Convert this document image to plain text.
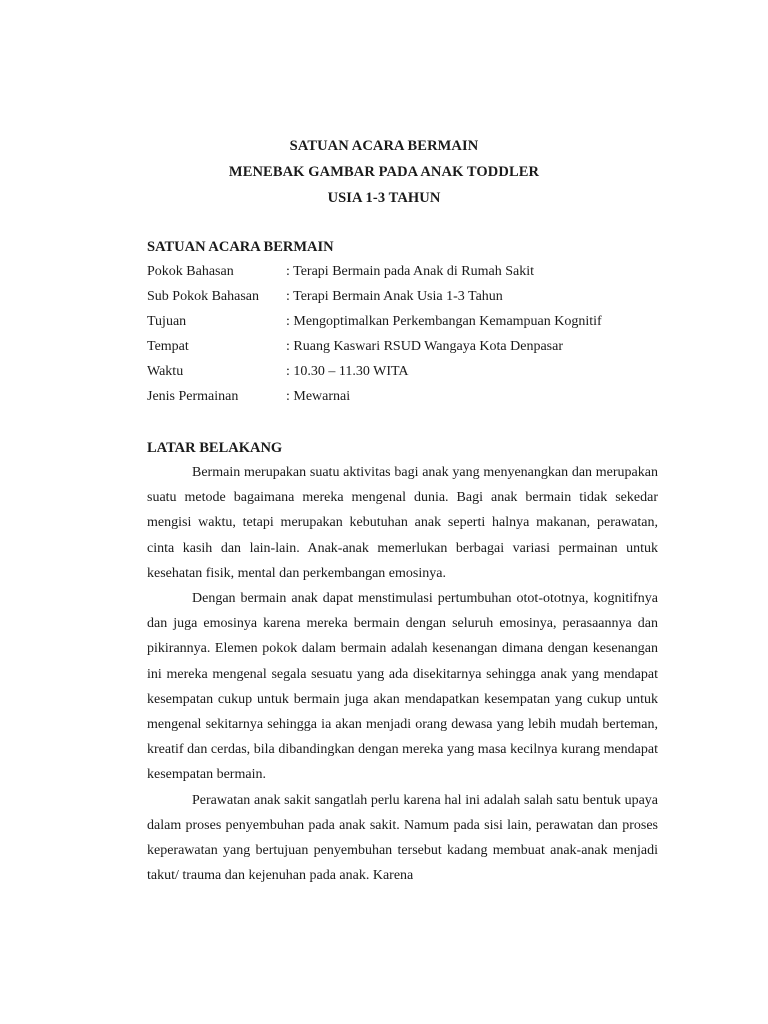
SATUAN ACARA BERMAIN
MENEBAK GAMBAR PADA ANAK TODDLER
USIA 1-3 TAHUN
SATUAN ACARA BERMAIN
Pokok Bahasan	: Terapi Bermain pada Anak di Rumah Sakit
Sub Pokok Bahasan	: Terapi Bermain Anak Usia 1-3 Tahun
Tujuan	: Mengoptimalkan Perkembangan Kemampuan Kognitif
Tempat	: Ruang Kaswari RSUD Wangaya Kota Denpasar
Waktu	: 10.30 – 11.30 WITA
Jenis Permainan	: Mewarnai
LATAR BELAKANG

Bermain merupakan suatu aktivitas bagi anak yang menyenangkan dan merupakan suatu metode bagaimana mereka mengenal dunia. Bagi anak bermain tidak sekedar mengisi waktu, tetapi merupakan kebutuhan anak seperti halnya makanan, perawatan, cinta kasih dan lain-lain. Anak-anak memerlukan berbagai variasi permainan untuk kesehatan fisik, mental dan perkembangan emosinya.

Dengan bermain anak dapat menstimulasi pertumbuhan otot-ototnya, kognitifnya dan juga emosinya karena mereka bermain dengan seluruh emosinya, perasaannya dan pikirannya. Elemen pokok dalam bermain adalah kesenangan dimana dengan kesenangan ini mereka mengenal segala sesuatu yang ada disekitarnya sehingga anak yang mendapat kesempatan cukup untuk bermain juga akan mendapatkan kesempatan yang cukup untuk mengenal sekitarnya sehingga ia akan menjadi orang dewasa yang lebih mudah berteman, kreatif dan cerdas, bila dibandingkan dengan mereka yang masa kecilnya kurang mendapat kesempatan bermain.

Perawatan anak sakit sangatlah perlu karena hal ini adalah salah satu bentuk upaya dalam proses penyembuhan pada anak sakit. Namum pada sisi lain, perawatan dan proses keperawatan yang bertujuan penyembuhan tersebut kadang membuat anak-anak menjadi takut/ trauma dan kejenuhan pada anak. Karena
